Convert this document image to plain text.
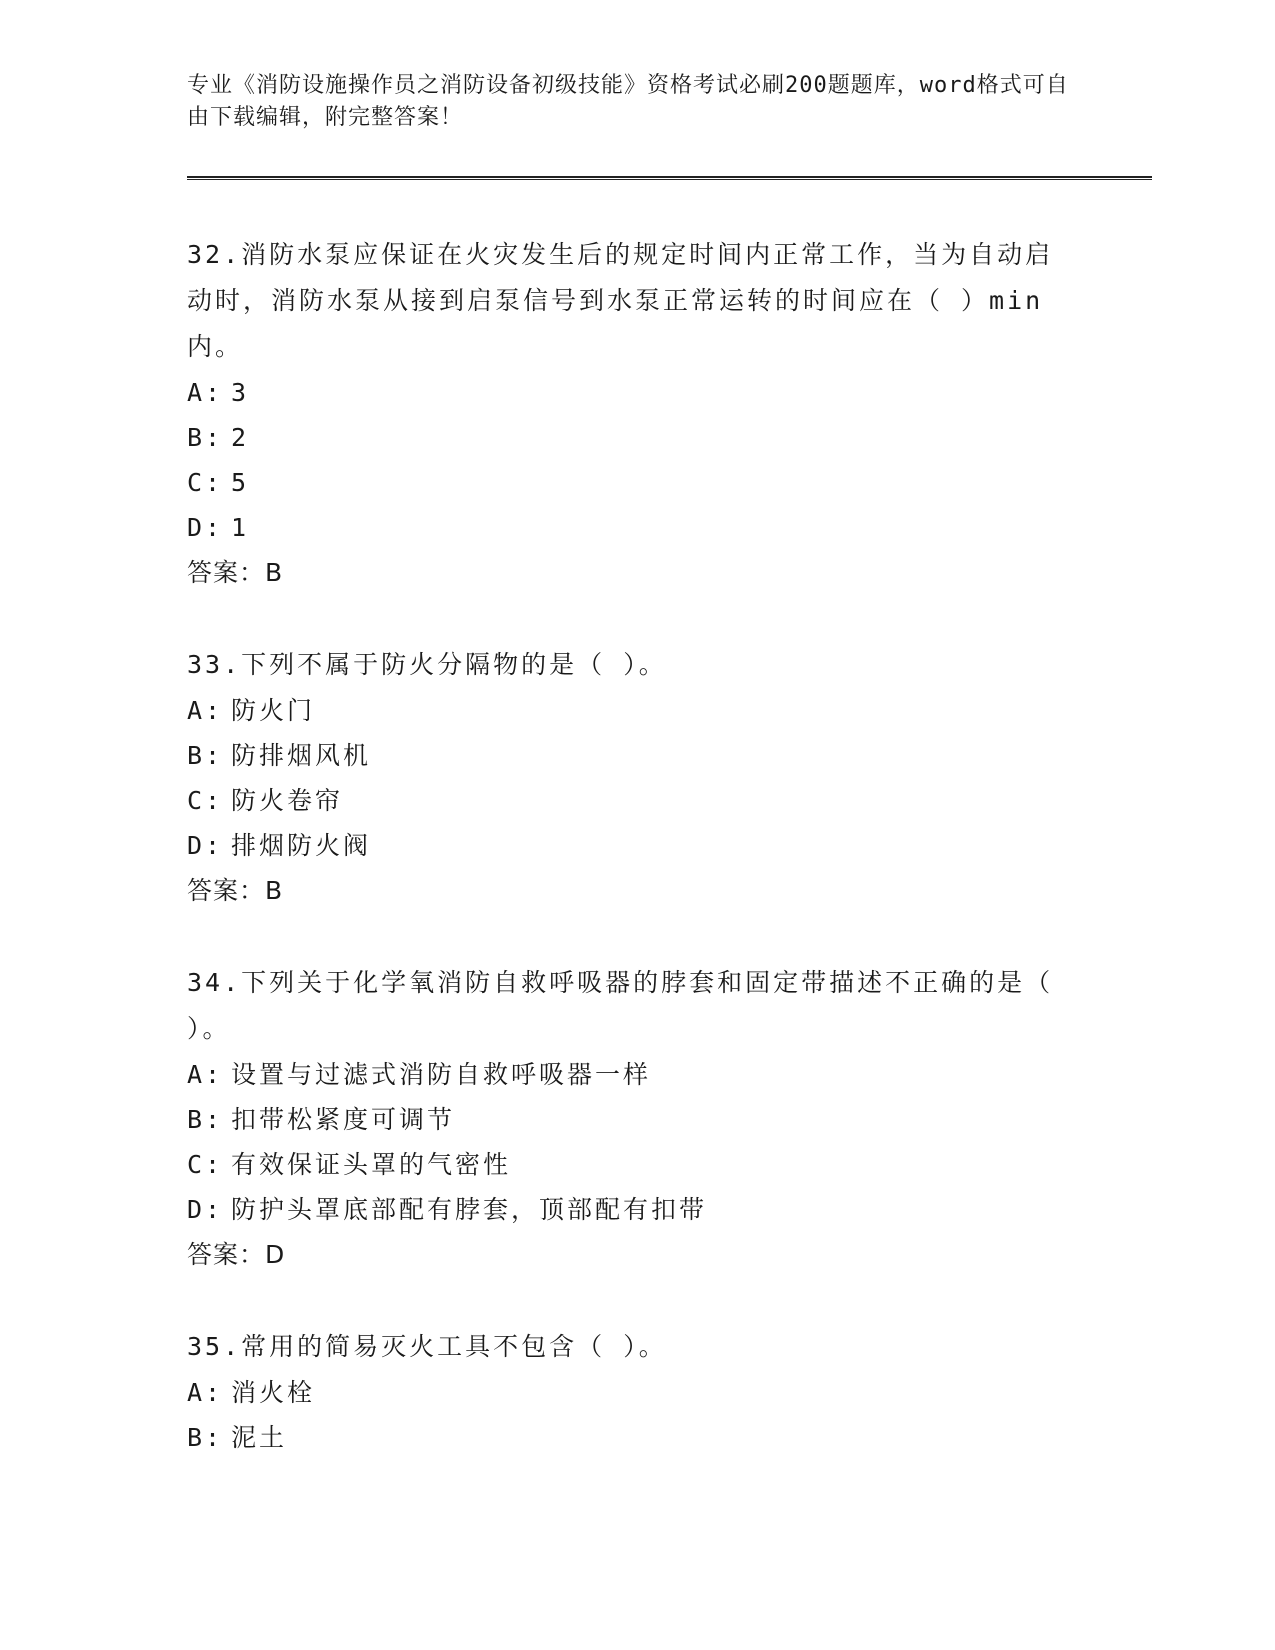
专业《消防设施操作员之消防设备初级技能》资格考试必刷200题题库，word格式可自由下载编辑，附完整答案！
32.消防水泵应保证在火灾发生后的规定时间内正常工作，当为自动启动时，消防水泵从接到启泵信号到水泵正常运转的时间应在（ ）min内。
A: 3
B: 2
C: 5
D: 1
答案：B
33.下列不属于防火分隔物的是（ ）。
A: 防火门
B: 防排烟风机
C: 防火卷帘
D: 排烟防火阀
答案：B
34.下列关于化学氧消防自救呼吸器的脖套和固定带描述不正确的是（ ）。
A: 设置与过滤式消防自救呼吸器一样
B: 扣带松紧度可调节
C: 有效保证头罩的气密性
D: 防护头罩底部配有脖套，顶部配有扣带
答案：D
35.常用的简易灭火工具不包含（ ）。
A: 消火栓
B: 泥土
